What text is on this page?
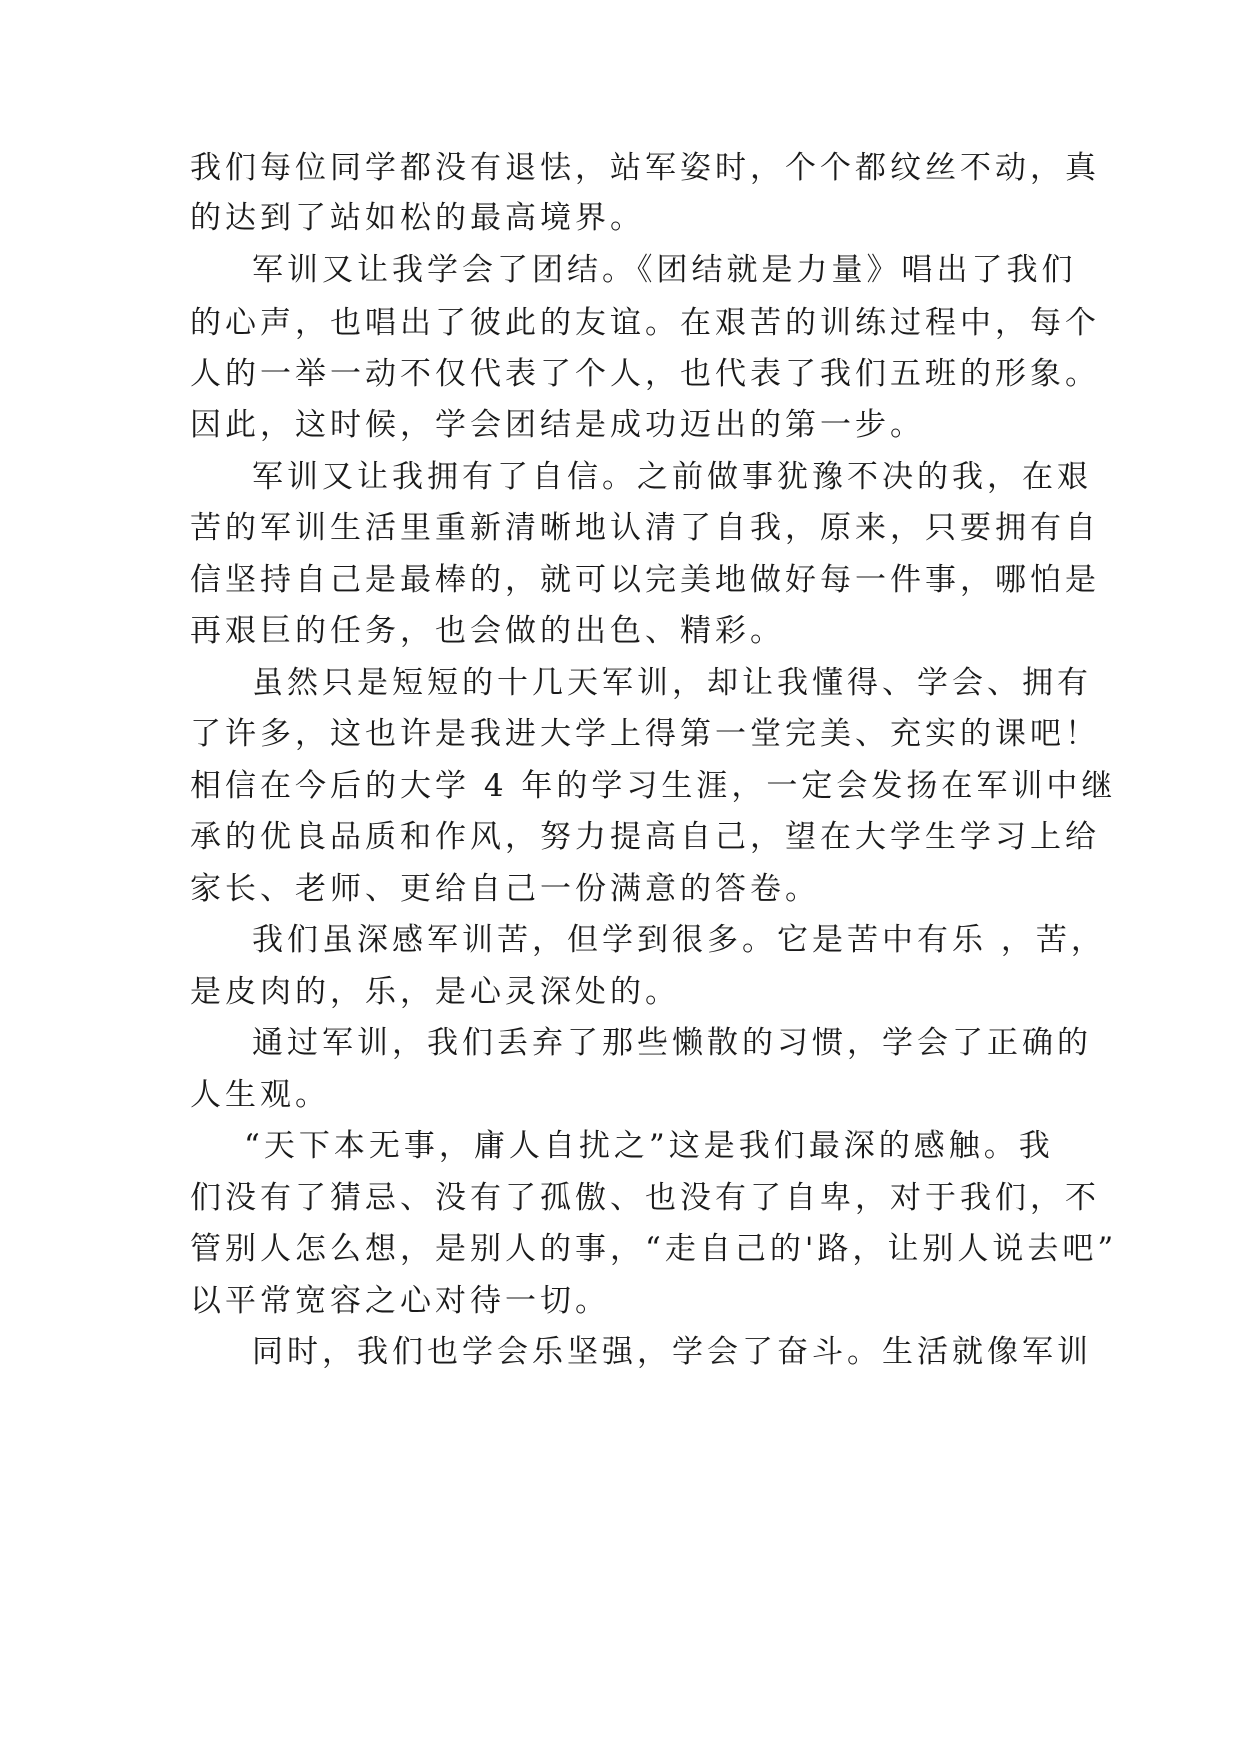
我们每位同学都没有退怯，站军姿时，个个都纹丝不动，真
的达到了站如松的最高境界。
军训又让我学会了团结。《团结就是力量》唱出了我们
的心声，也唱出了彼此的友谊。在艰苦的训练过程中，每个
人的一举一动不仅代表了个人，也代表了我们五班的形象。
因此，这时候，学会团结是成功迈出的第一步。
军训又让我拥有了自信。之前做事犹豫不决的我，在艰
苦的军训生活里重新清晰地认清了自我，原来，只要拥有自
信坚持自己是最棒的，就可以完美地做好每一件事，哪怕是
再艰巨的任务，也会做的出色、精彩。
虽然只是短短的十几天军训，却让我懂得、学会、拥有
了许多，这也许是我进大学上得第一堂完美、充实的课吧！
相信在今后的大学 4 年的学习生涯，一定会发扬在军训中继
承的优良品质和作风，努力提高自己，望在大学生学习上给
家长、老师、更给自己一份满意的答卷。
我们虽深感军训苦，但学到很多。它是苦中有乐 ，苦，
是皮肉的，乐，是心灵深处的。
通过军训，我们丢弃了那些懒散的习惯，学会了正确的
人生观。
“天下本无事，庸人自扰之”这是我们最深的感触。我
们没有了猜忌、没有了孤傲、也没有了自卑，对于我们，不
管别人怎么想，是别人的事，“走自己的'路，让别人说去吧”
以平常宽容之心对待一切。
同时，我们也学会乐坚强，学会了奋斗。生活就像军训
